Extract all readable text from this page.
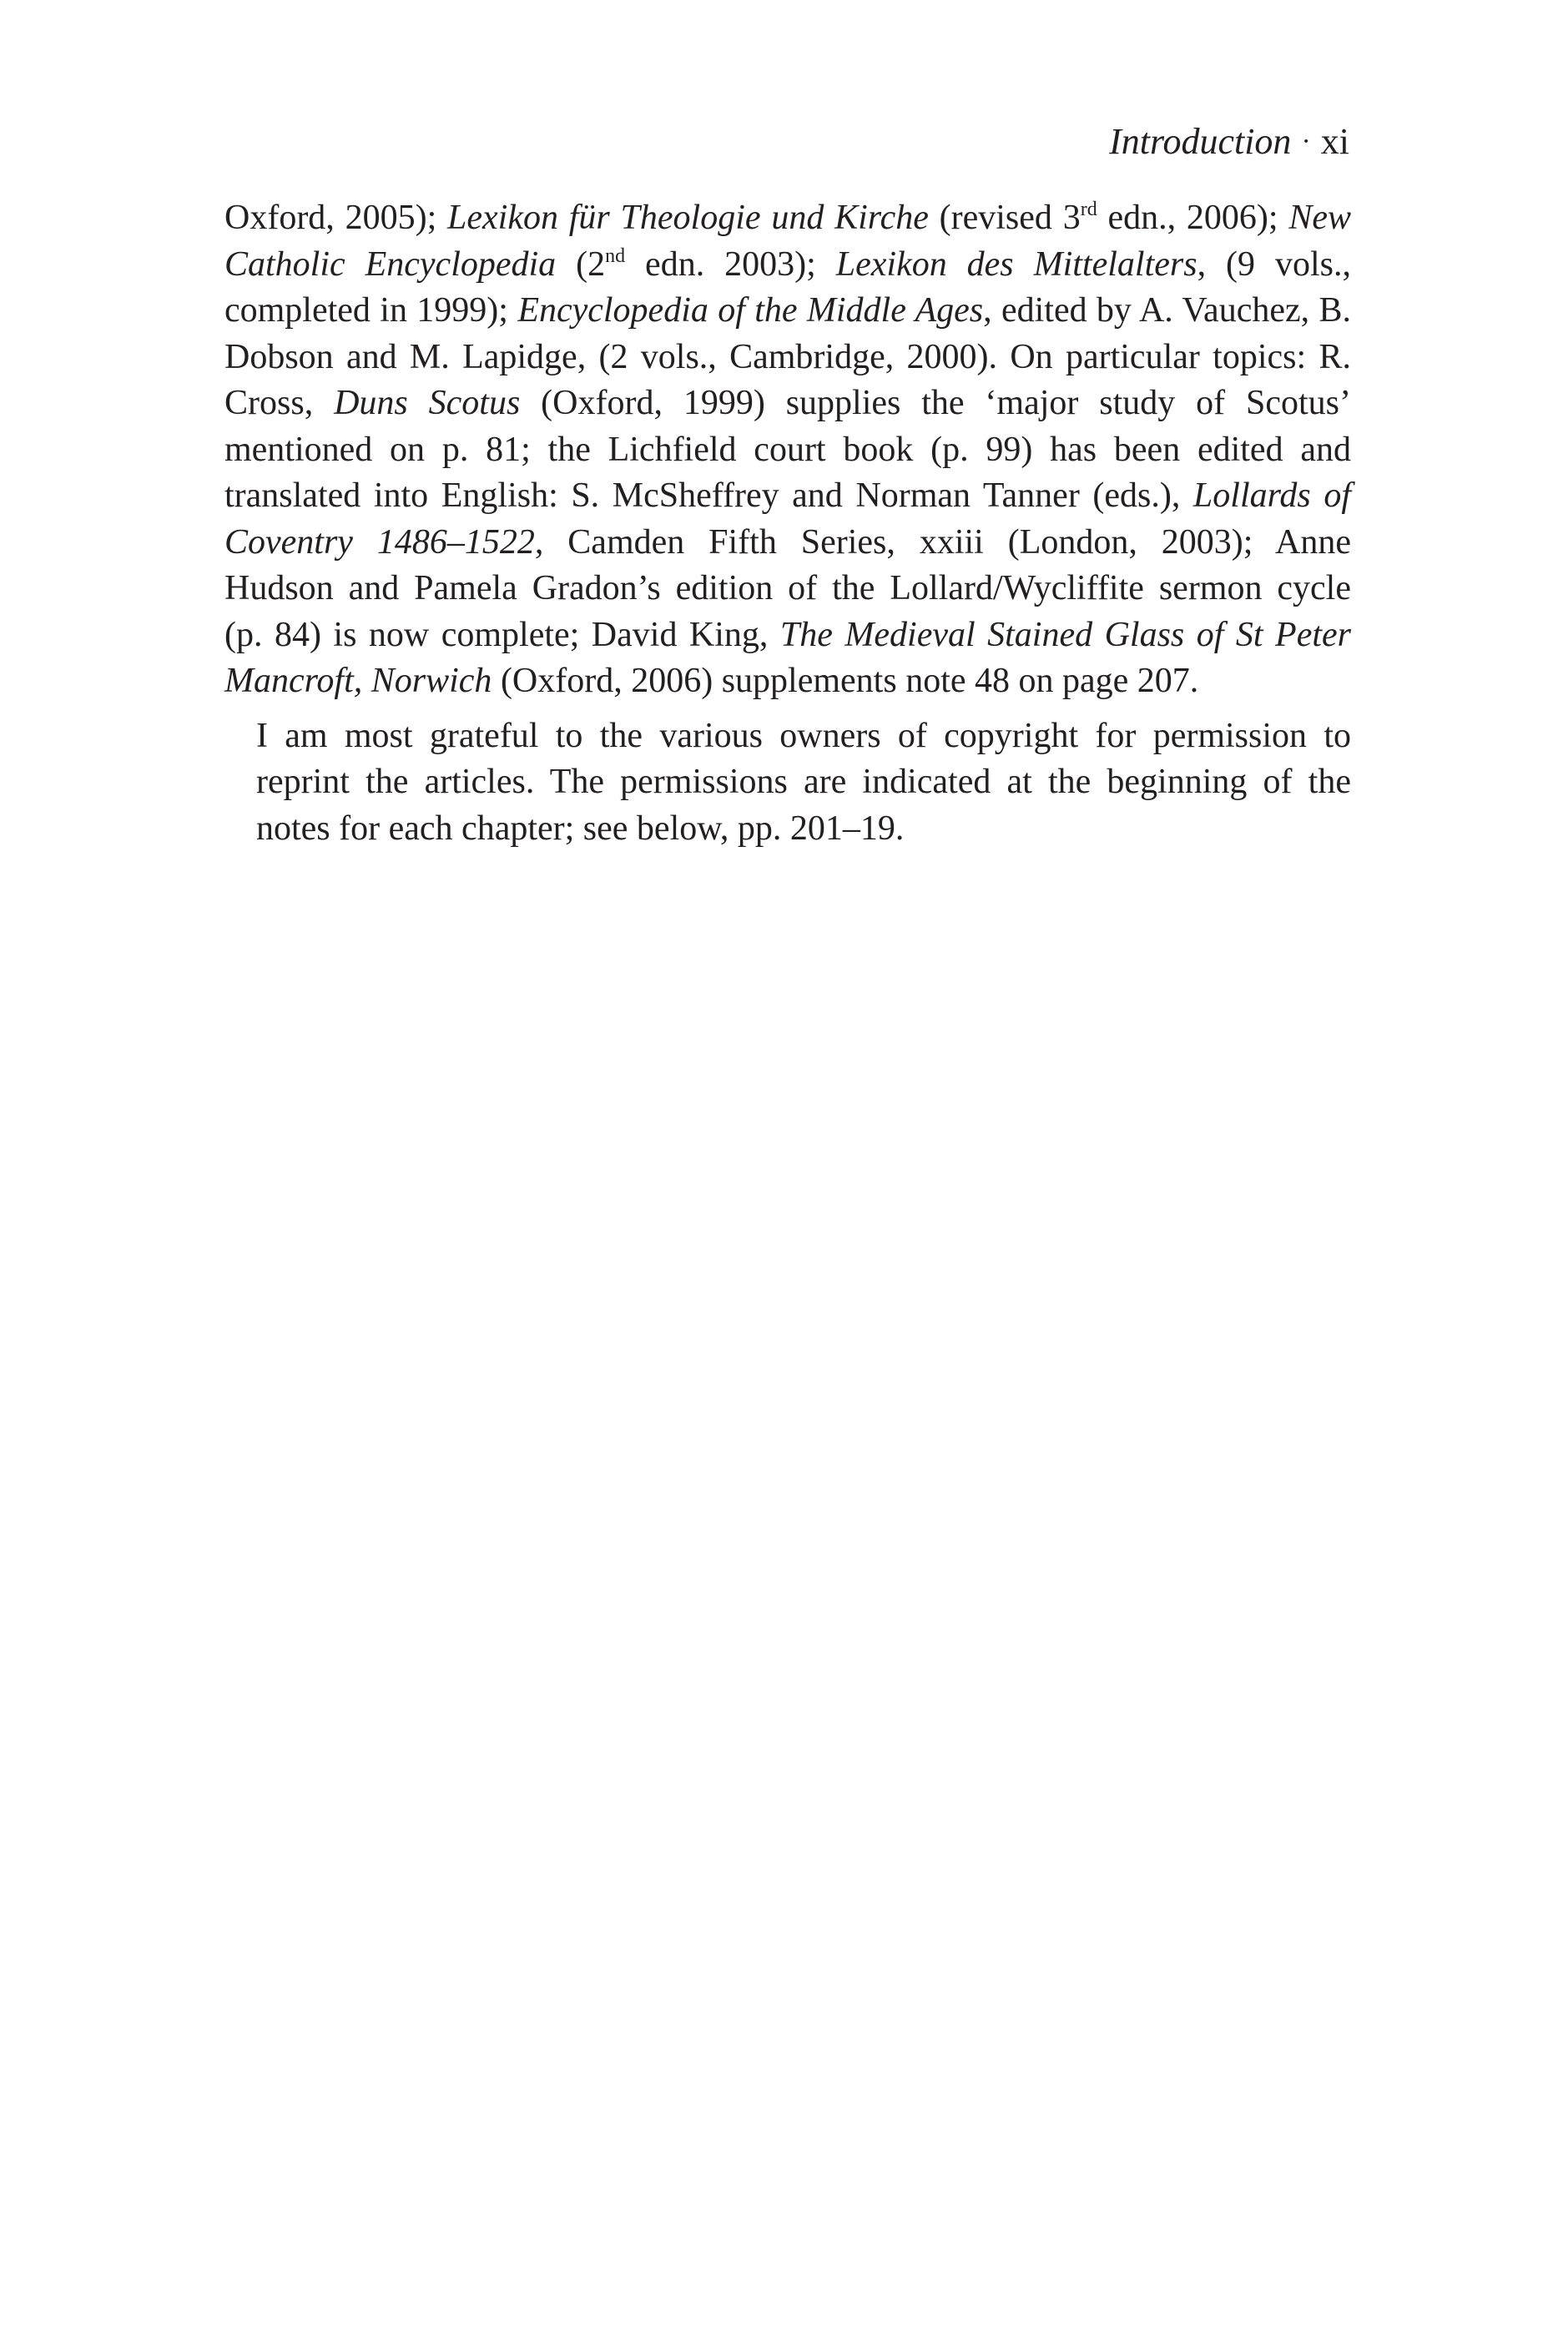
Introduction · xi

Oxford, 2005); Lexikon für Theologie und Kirche (revised 3rd edn., 2006); New
Catholic Encyclopedia (2nd edn. 2003); Lexikon des Mittelalters, (9 vols.,
completed in 1999); Encyclopedia of the Middle Ages, edited by A. Vauchez, B.
Dobson and M. Lapidge, (2 vols., Cambridge, 2000). On particular topics: R.
Cross, Duns Scotus (Oxford, 1999) supplies the ‘major study of Scotus’
mentioned on p. 81; the Lichfield court book (p. 99) has been edited and
translated into English: S. McSheffrey and Norman Tanner (eds.), Lollards of
Coventry 1486–1522, Camden Fifth Series, xxiii (London, 2003); Anne
Hudson and Pamela Gradon’s edition of the Lollard/Wycliffite sermon cycle
(p. 84) is now complete; David King, The Medieval Stained Glass of St Peter
Mancroft, Norwich (Oxford, 2006) supplements note 48 on page 207.

I am most grateful to the various owners of copyright for permission to
reprint the articles. The permissions are indicated at the beginning of the
notes for each chapter; see below, pp. 201–19.
